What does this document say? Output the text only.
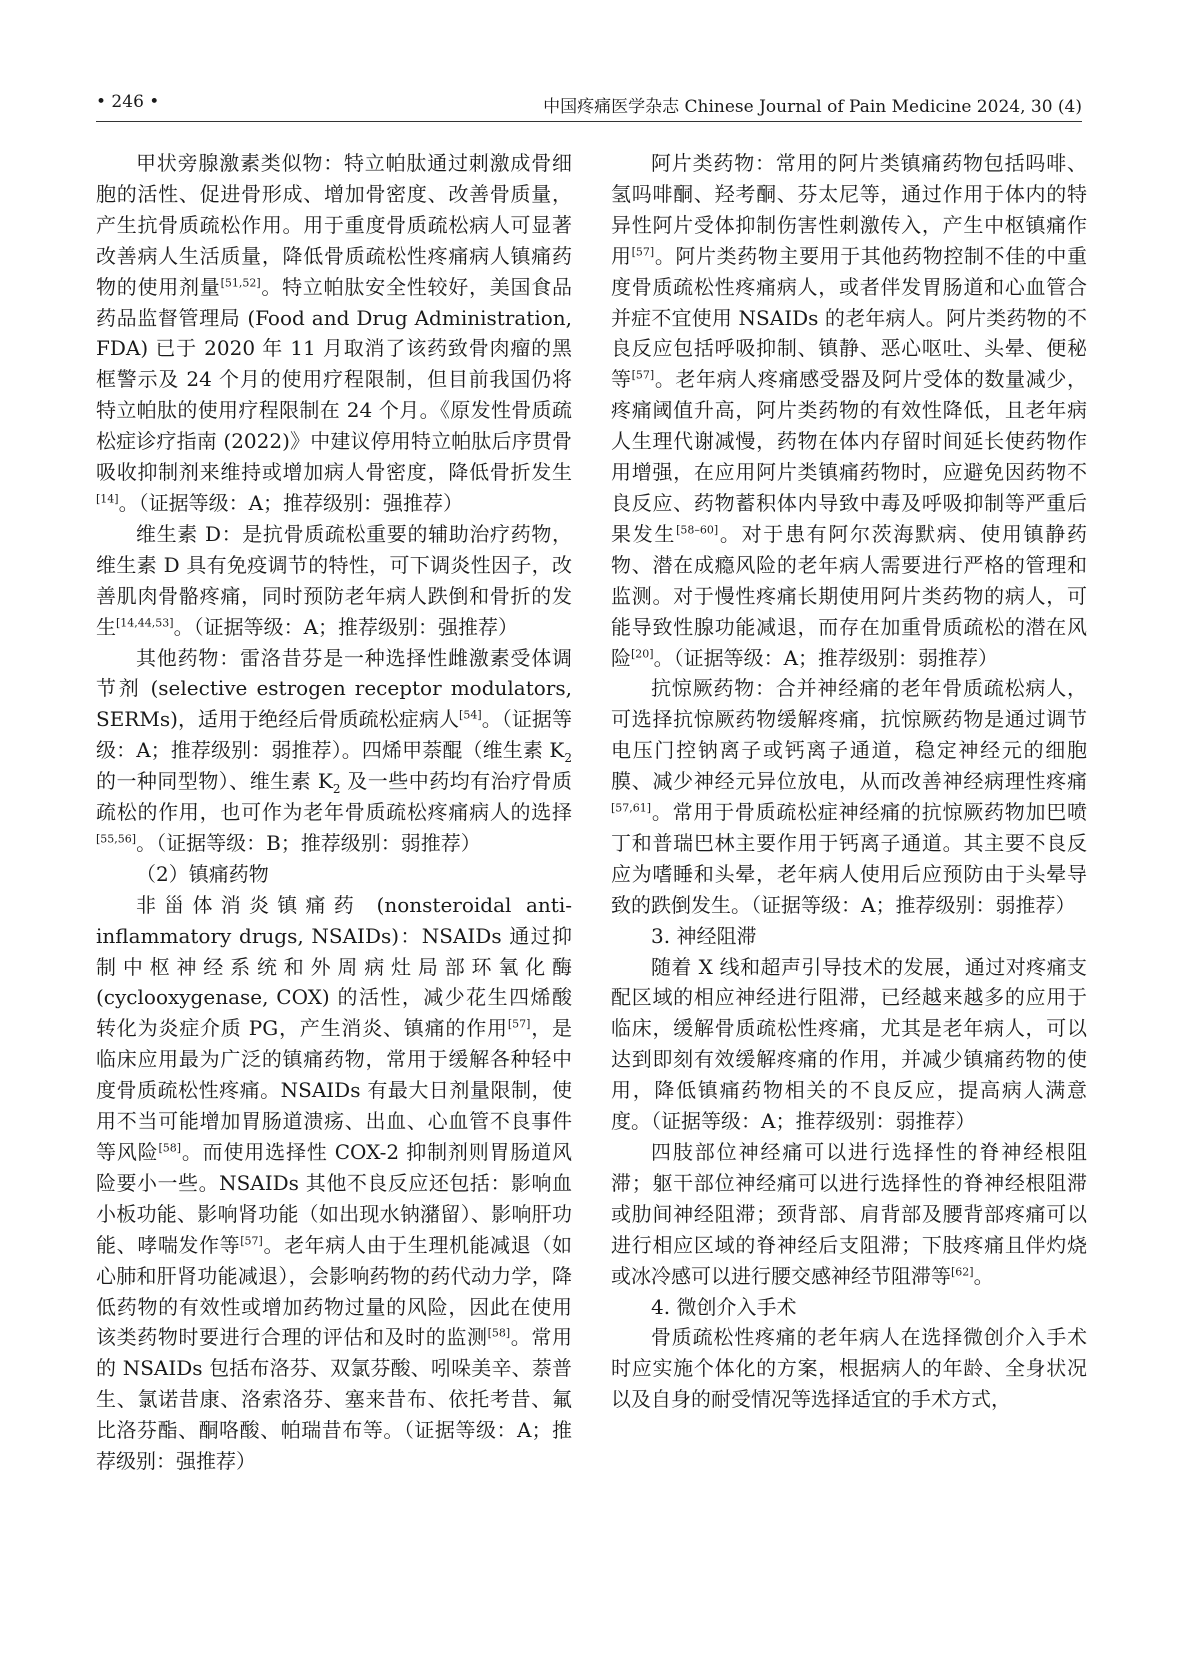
• 246 •	中国疼痛医学杂志 Chinese Journal of Pain Medicine 2024, 30 (4)

甲状旁腺激素类似物：特立帕肽通过刺激成骨细胞的活性、促进骨形成、增加骨密度、改善骨质量，产生抗骨质疏松作用。用于重度骨质疏松病人可显著改善病人生活质量，降低骨质疏松性疼痛病人镇痛药物的使用剂量[51,52]。特立帕肽安全性较好，美国食品药品监督管理局 (Food and Drug Administration, FDA) 已于 2020 年 11 月取消了该药致骨肉瘤的黑框警示及 24 个月的使用疗程限制，但目前我国仍将特立帕肽的使用疗程限制在 24 个月。《原发性骨质疏松症诊疗指南 (2022)》中建议停用特立帕肽后序贯骨吸收抑制剂来维持或增加病人骨密度，降低骨折发生[14]。（证据等级：A；推荐级别：强推荐）

维生素 D：是抗骨质疏松重要的辅助治疗药物，维生素 D 具有免疫调节的特性，可下调炎性因子，改善肌肉骨骼疼痛，同时预防老年病人跌倒和骨折的发生[14,44,53]。（证据等级：A；推荐级别：强推荐）

其他药物：雷洛昔芬是一种选择性雌激素受体调节剂 (selective estrogen receptor modulators, SERMs)，适用于绝经后骨质疏松症病人[54]。（证据等级：A；推荐级别：弱推荐）。四烯甲萘醌（维生素 $K_2$ 的一种同型物）、维生素 $K_2$ 及一些中药均有治疗骨质疏松的作用，也可作为老年骨质疏松疼痛病人的选择[55,56]。（证据等级：B；推荐级别：弱推荐）

（2）镇痛药物

非甾体消炎镇痛药 (nonsteroidal anti-inflammatory drugs, NSAIDs)：NSAIDs 通过抑制中枢神经系统和外周病灶局部环氧化酶 (cyclooxygenase, COX) 的活性，减少花生四烯酸转化为炎症介质 PG，产生消炎、镇痛的作用[57]，是临床应用最为广泛的镇痛药物，常用于缓解各种轻中度骨质疏松性疼痛。NSAIDs 有最大日剂量限制，使用不当可能增加胃肠道溃疡、出血、心血管不良事件等风险[58]。而使用选择性 COX-2 抑制剂则胃肠道风险要小一些。NSAIDs 其他不良反应还包括：影响血小板功能、影响肾功能（如出现水钠潴留）、影响肝功能、哮喘发作等[57]。老年病人由于生理机能减退（如心肺和肝肾功能减退），会影响药物的药代动力学，降低药物的有效性或增加药物过量的风险，因此在使用该类药物时要进行合理的评估和及时的监测[58]。常用的 NSAIDs 包括布洛芬、双氯芬酸、吲哚美辛、萘普生、氯诺昔康、洛索洛芬、塞来昔布、依托考昔、氟比洛芬酯、酮咯酸、帕瑞昔布等。（证据等级：A；推荐级别：强推荐）

阿片类药物：常用的阿片类镇痛药物包括吗啡、氢吗啡酮、羟考酮、芬太尼等，通过作用于体内的特异性阿片受体抑制伤害性刺激传入，产生中枢镇痛作用[57]。阿片类药物主要用于其他药物控制不佳的中重度骨质疏松性疼痛病人，或者伴发胃肠道和心血管合并症不宜使用 NSAIDs 的老年病人。阿片类药物的不良反应包括呼吸抑制、镇静、恶心呕吐、头晕、便秘等[57]。老年病人疼痛感受器及阿片受体的数量减少，疼痛阈值升高，阿片类药物的有效性降低，且老年病人生理代谢减慢，药物在体内存留时间延长使药物作用增强，在应用阿片类镇痛药物时，应避免因药物不良反应、药物蓄积体内导致中毒及呼吸抑制等严重后果发生[58–60]。对于患有阿尔茨海默病、使用镇静药物、潜在成瘾风险的老年病人需要进行严格的管理和监测。对于慢性疼痛长期使用阿片类药物的病人，可能导致性腺功能减退，而存在加重骨质疏松的潜在风险[20]。（证据等级：A；推荐级别：弱推荐）

抗惊厥药物：合并神经痛的老年骨质疏松病人，可选择抗惊厥药物缓解疼痛，抗惊厥药物是通过调节电压门控钠离子或钙离子通道，稳定神经元的细胞膜、减少神经元异位放电，从而改善神经病理性疼痛[57,61]。常用于骨质疏松症神经痛的抗惊厥药物加巴喷丁和普瑞巴林主要作用于钙离子通道。其主要不良反应为嗜睡和头晕，老年病人使用后应预防由于头晕导致的跌倒发生。（证据等级：A；推荐级别：弱推荐）

3. 神经阻滞

随着 X 线和超声引导技术的发展，通过对疼痛支配区域的相应神经进行阻滞，已经越来越多的应用于临床，缓解骨质疏松性疼痛，尤其是老年病人，可以达到即刻有效缓解疼痛的作用，并减少镇痛药物的使用，降低镇痛药物相关的不良反应，提高病人满意度。（证据等级：A；推荐级别：弱推荐）

四肢部位神经痛可以进行选择性的脊神经根阻滞；躯干部位神经痛可以进行选择性的脊神经根阻滞或肋间神经阻滞；颈背部、肩背部及腰背部疼痛可以进行相应区域的脊神经后支阻滞；下肢疼痛且伴灼烧或冰冷感可以进行腰交感神经节阻滞等[62]。

4. 微创介入手术

骨质疏松性疼痛的老年病人在选择微创介入手术时应实施个体化的方案，根据病人的年龄、全身状况以及自身的耐受情况等选择适宜的手术方式，
